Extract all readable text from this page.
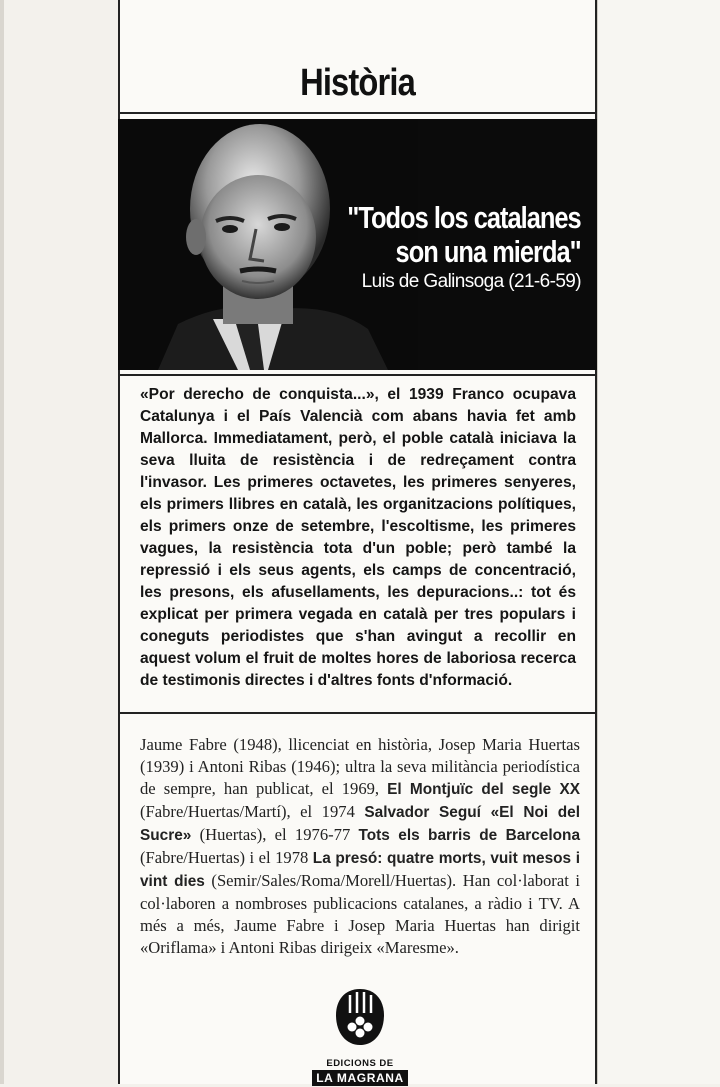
Història
"Todos los catalanes
son una mierda"
Luis de Galinsoga (21-6-59)
«Por derecho de conquista...», el 1939 Franco ocupava Catalunya i el País Valencià com abans havia fet amb Mallorca. Immediatament, però, el poble català iniciava la seva lluita de resistència i de redreçament contra l'invasor. Les primeres octavetes, les primeres senyeres, els primers llibres en català, les organitzacions polítiques, els primers onze de setembre, l'escoltisme, les primeres vagues, la resistència tota d'un poble; però també la repressió i els seus agents, els camps de concentració, les presons, els afusellaments, les depuracions..: tot és explicat per primera vegada en català per tres populars i coneguts periodistes que s'han avingut a recollir en aquest volum el fruit de moltes hores de laboriosa recerca de testimonis directes i d'altres fonts d'nformació.
Jaume Fabre (1948), llicenciat en història, Josep Maria Huertas (1939) i Antoni Ribas (1946); ultra la seva militància periodística de sempre, han publicat, el 1969, El Montjuïc del segle XX (Fabre/Huertas/Martí), el 1974 Salvador Seguí «El Noi del Sucre» (Huertas), el 1976-77 Tots els barris de Barcelona (Fabre/Huertas) i el 1978 La presó: quatre morts, vuit mesos i vint dies (Semir/Sales/Roma/Morell/Huertas). Han col·laborat i col·laboren a nombroses publicacions catalanes, a ràdio i TV. A més a més, Jaume Fabre i Josep Maria Huertas han dirigit «Oriflama» i Antoni Ribas dirigeix «Maresme».
EDICIONS DE
LA MAGRANA
